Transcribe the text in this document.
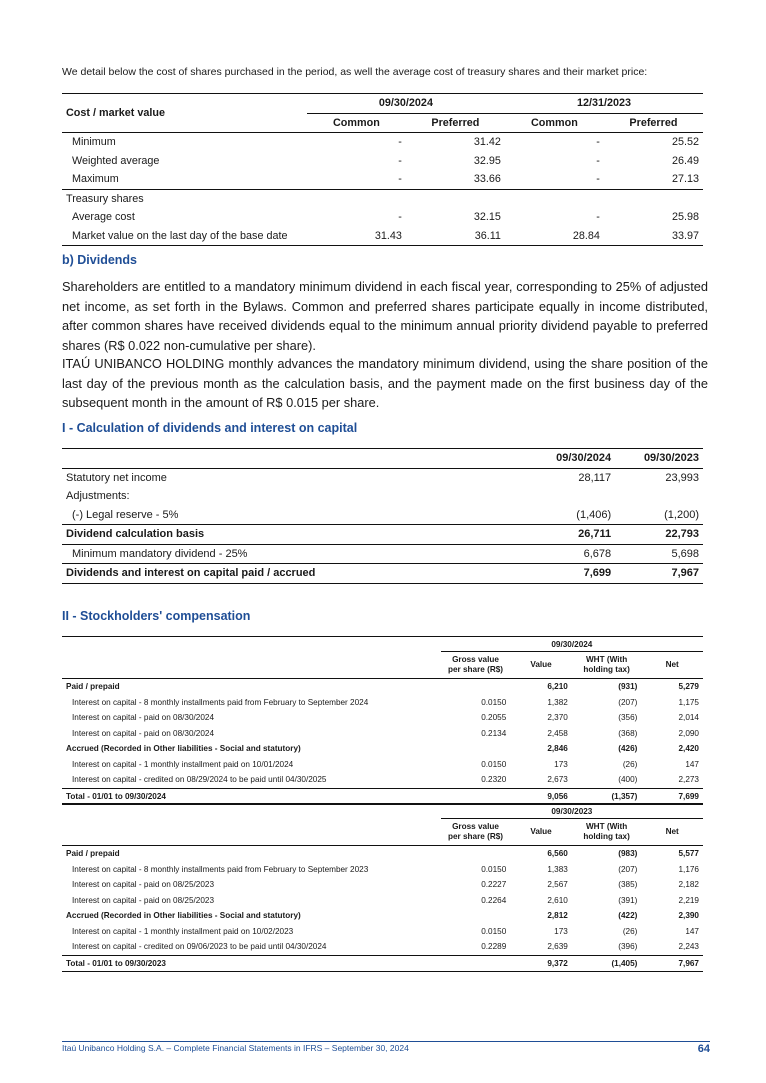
We detail below the cost of shares purchased in the period, as well the average cost of treasury shares and their market price:
Cost / market value	09/30/2024		12/31/2023	
	Common	Preferred	Common	Preferred
Minimum	-	31.42	-	25.52
Weighted average	-	32.95	-	26.49
Maximum	-	33.66	-	27.13
Treasury shares				
Average cost	-	32.15	-	25.98
Market value on the last day of the base date	31.43	36.11	28.84	33.97
b) Dividends
Shareholders are entitled to a mandatory minimum dividend in each fiscal year, corresponding to 25% of adjusted net income, as set forth in the Bylaws. Common and preferred shares participate equally in income distributed, after common shares have received dividends equal to the minimum annual priority dividend payable to preferred shares (R$ 0.022 non-cumulative per share).
ITAÚ UNIBANCO HOLDING monthly advances the mandatory minimum dividend, using the share position of the last day of the previous month as the calculation basis, and the payment made on the first business day of the subsequent month in the amount of R$ 0.015 per share.
I - Calculation of dividends and interest on capital
	09/30/2024	09/30/2023
Statutory net income	28,117	23,993
Adjustments:		
(-) Legal reserve - 5%	(1,406)	(1,200)
Dividend calculation basis	26,711	22,793
Minimum mandatory dividend - 25%	6,678	5,698
Dividends and interest on capital paid / accrued	7,699	7,967
II - Stockholders' compensation
	09/30/2024			
	Gross value per share (R$)	Value	WHT (With holding tax)	Net
Paid / prepaid		6,210	(931)	5,279
Interest on capital - 8 monthly installments paid from February to September 2024	0.0150	1,382	(207)	1,175
Interest on capital - paid on 08/30/2024	0.2055	2,370	(356)	2,014
Interest on capital - paid on 08/30/2024	0.2134	2,458	(368)	2,090
Accrued (Recorded in Other liabilities - Social and statutory)		2,846	(426)	2,420
Interest on capital - 1 monthly installment paid on 10/01/2024	0.0150	173	(26)	147
Interest on capital - credited on 08/29/2024 to be paid until 04/30/2025	0.2320	2,673	(400)	2,273
Total - 01/01 to 09/30/2024		9,056	(1,357)	7,699
	09/30/2023			
	Gross value per share (R$)	Value	WHT (With holding tax)	Net
Paid / prepaid		6,560	(983)	5,577
Interest on capital - 8 monthly installments paid from February to September 2023	0.0150	1,383	(207)	1,176
Interest on capital - paid on 08/25/2023	0.2227	2,567	(385)	2,182
Interest on capital - paid on 08/25/2023	0.2264	2,610	(391)	2,219
Accrued (Recorded in Other liabilities - Social and statutory)		2,812	(422)	2,390
Interest on capital - 1 monthly installment paid on 10/02/2023	0.0150	173	(26)	147
Interest on capital - credited on 09/06/2023 to be paid until 04/30/2024	0.2289	2,639	(396)	2,243
Total - 01/01 to 09/30/2023		9,372	(1,405)	7,967
Itaú Unibanco Holding S.A. – Complete Financial Statements in IFRS – September 30, 2024	64
